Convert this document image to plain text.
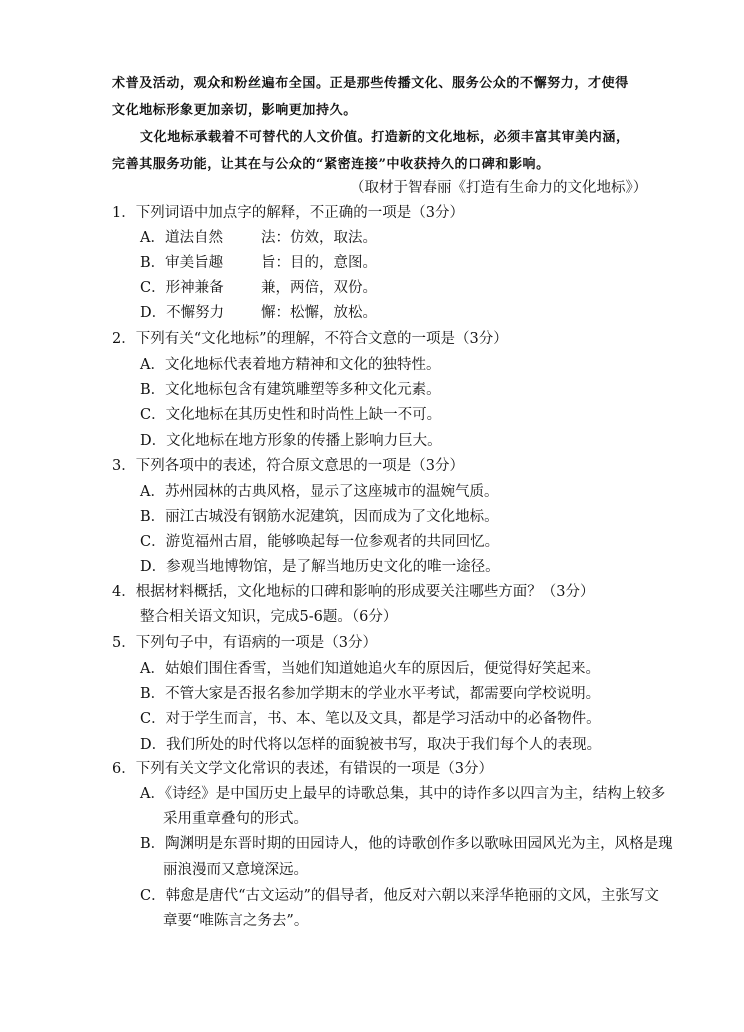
术普及活动，观众和粉丝遍布全国。正是那些传播文化、服务公众的不懈努力，才使得
文化地标形象更加亲切，影响更加持久。
文化地标承载着不可替代的人文价值。打造新的文化地标，必须丰富其审美内涵，
完善其服务功能，让其在与公众的“紧密连接”中收获持久的口碑和影响。
（取材于智春丽《打造有生命力的文化地标》）
1．下列词语中加点字的解释，不正确的一项是（3分）
A．道法自然	法：仿效，取法。
B．审美旨趣	旨：目的，意图。
C．形神兼备	兼，两倍，双份。
D．不懈努力	懈：松懈，放松。
2．下列有关“文化地标”的理解，不符合文意的一项是（3分）
A．文化地标代表着地方精神和文化的独特性。
B．文化地标包含有建筑雕塑等多种文化元素。
C．文化地标在其历史性和时尚性上缺一不可。
D．文化地标在地方形象的传播上影响力巨大。
3．下列各项中的表述，符合原文意思的一项是（3分）
A．苏州园林的古典风格，显示了这座城市的温婉气质。
B．丽江古城没有钢筋水泥建筑，因而成为了文化地标。
C．游览福州古眉，能够唤起每一位参观者的共同回忆。
D．参观当地博物馆，是了解当地历史文化的唯一途径。
4．根据材料概括，文化地标的口碑和影响的形成要关注哪些方面？（3分）
整合相关语文知识，完成5-6题。（6分）
5．下列句子中，有语病的一项是（3分）
A．姑娘们围住香雪，当她们知道她追火车的原因后，便觉得好笑起来。
B．不管大家是否报名参加学期末的学业水平考试，都需要向学校说明。
C．对于学生而言，书、本、笔以及文具，都是学习活动中的必备物件。
D．我们所处的时代将以怎样的面貌被书写，取决于我们每个人的表现。
6．下列有关文学文化常识的表述，有错误的一项是（3分）
A．《诗经》是中国历史上最早的诗歌总集，其中的诗作多以四言为主，结构上较多
采用重章叠句的形式。
B．陶渊明是东晋时期的田园诗人，他的诗歌创作多以歌咏田园风光为主，风格是瑰
丽浪漫而又意境深远。
C．韩愈是唐代“古文运动”的倡导者，他反对六朝以来浮华艳丽的文风，主张写文
章要“唯陈言之务去”。
